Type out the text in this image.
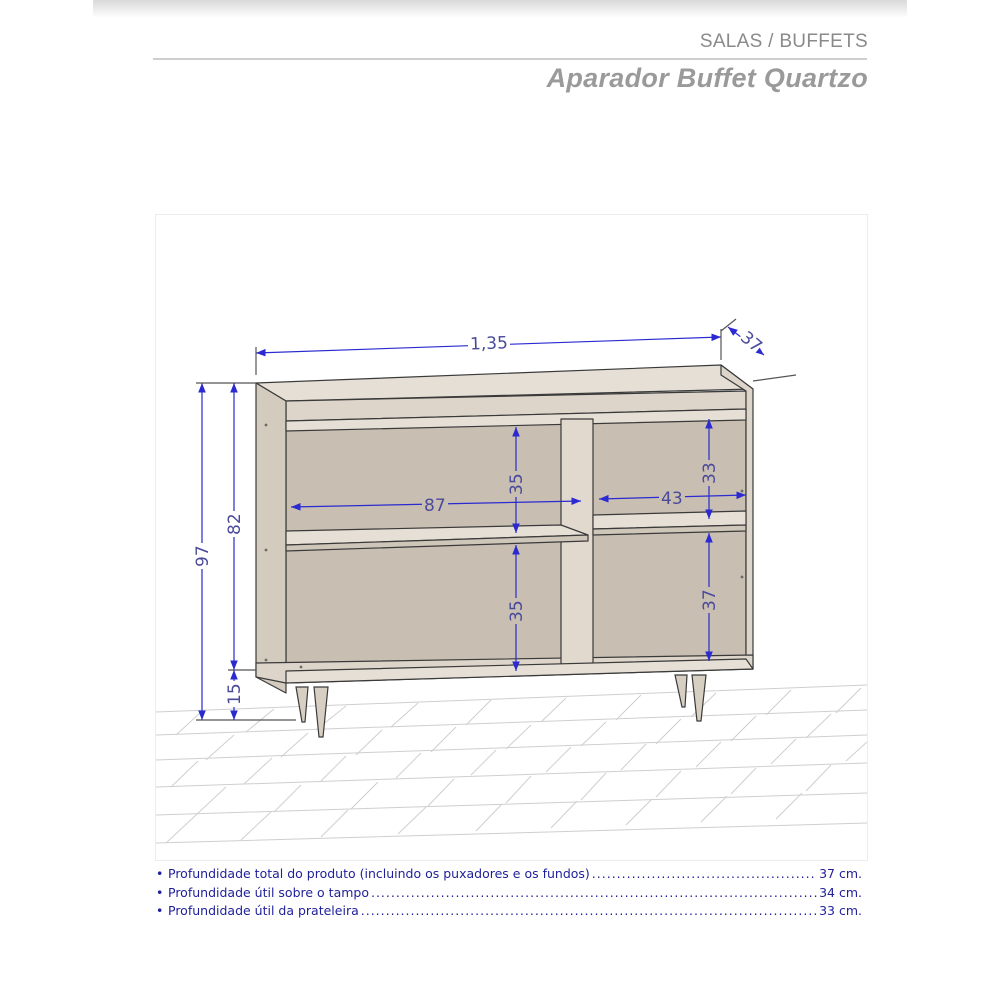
SALAS / BUFFETS
Aparador Buffet Quartzo
1,35	37
97
82
15
87	43
35
35
33
37
• Profundidade total do produto (incluindo os puxadores e os fundos) .....	37 cm.
• Profundidade útil sobre o tampo .....	34 cm.
• Profundidade útil da prateleira .....	33 cm.
